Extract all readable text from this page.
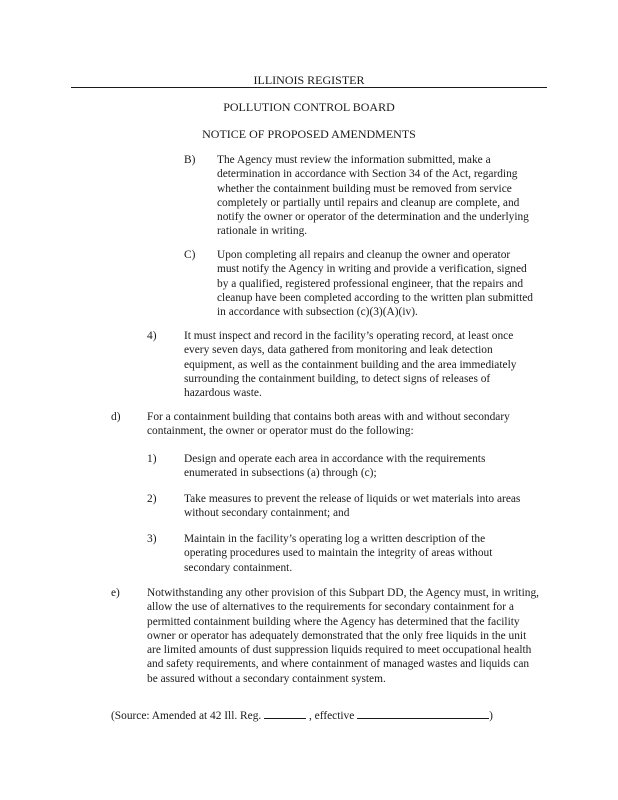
ILLINOIS REGISTER
POLLUTION CONTROL BOARD
NOTICE OF PROPOSED AMENDMENTS
B) The Agency must review the information submitted, make a determination in accordance with Section 34 of the Act, regarding whether the containment building must be removed from service completely or partially until repairs and cleanup are complete, and notify the owner or operator of the determination and the underlying rationale in writing.
C) Upon completing all repairs and cleanup the owner and operator must notify the Agency in writing and provide a verification, signed by a qualified, registered professional engineer, that the repairs and cleanup have been completed according to the written plan submitted in accordance with subsection (c)(3)(A)(iv).
4) It must inspect and record in the facility’s operating record, at least once every seven days, data gathered from monitoring and leak detection equipment, as well as the containment building and the area immediately surrounding the containment building, to detect signs of releases of hazardous waste.
d) For a containment building that contains both areas with and without secondary containment, the owner or operator must do the following:
1) Design and operate each area in accordance with the requirements enumerated in subsections (a) through (c);
2) Take measures to prevent the release of liquids or wet materials into areas without secondary containment; and
3) Maintain in the facility’s operating log a written description of the operating procedures used to maintain the integrity of areas without secondary containment.
e) Notwithstanding any other provision of this Subpart DD, the Agency must, in writing, allow the use of alternatives to the requirements for secondary containment for a permitted containment building where the Agency has determined that the facility owner or operator has adequately demonstrated that the only free liquids in the unit are limited amounts of dust suppression liquids required to meet occupational health and safety requirements, and where containment of managed wastes and liquids can be assured without a secondary containment system.
(Source: Amended at 42 Ill. Reg.	, effective	)
